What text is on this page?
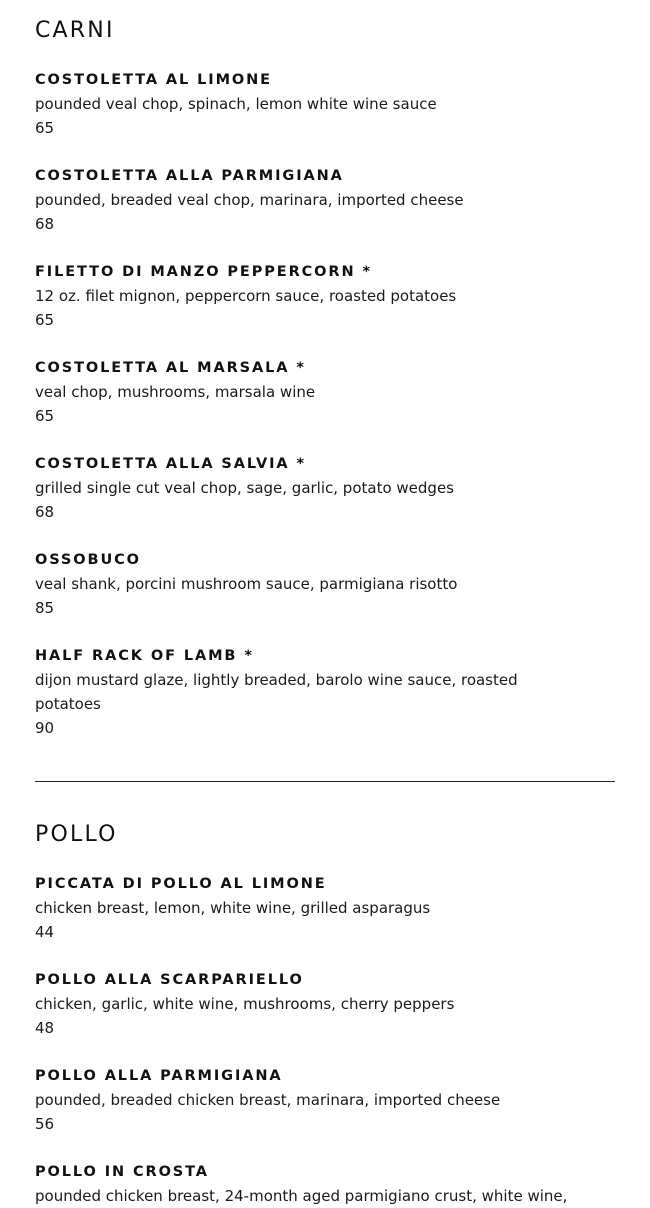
CARNI
COSTOLETTA AL LIMONE
pounded veal chop, spinach, lemon white wine sauce
65
COSTOLETTA ALLA PARMIGIANA
pounded, breaded veal chop, marinara, imported cheese
68
FILETTO DI MANZO PEPPERCORN *
12 oz. filet mignon, peppercorn sauce, roasted potatoes
65
COSTOLETTA AL MARSALA *
veal chop, mushrooms, marsala wine
65
COSTOLETTA ALLA SALVIA *
grilled single cut veal chop, sage, garlic, potato wedges
68
OSSOBUCO
veal shank, porcini mushroom sauce, parmigiana risotto
85
HALF RACK OF LAMB *
dijon mustard glaze, lightly breaded, barolo wine sauce, roasted potatoes
90
POLLO
PICCATA DI POLLO AL LIMONE
chicken breast, lemon, white wine, grilled asparagus
44
POLLO ALLA SCARPARIELLO
chicken, garlic, white wine, mushrooms, cherry peppers
48
POLLO ALLA PARMIGIANA
pounded, breaded chicken breast, marinara, imported cheese
56
POLLO IN CROSTA
pounded chicken breast, 24-month aged parmigiano crust, white wine,
